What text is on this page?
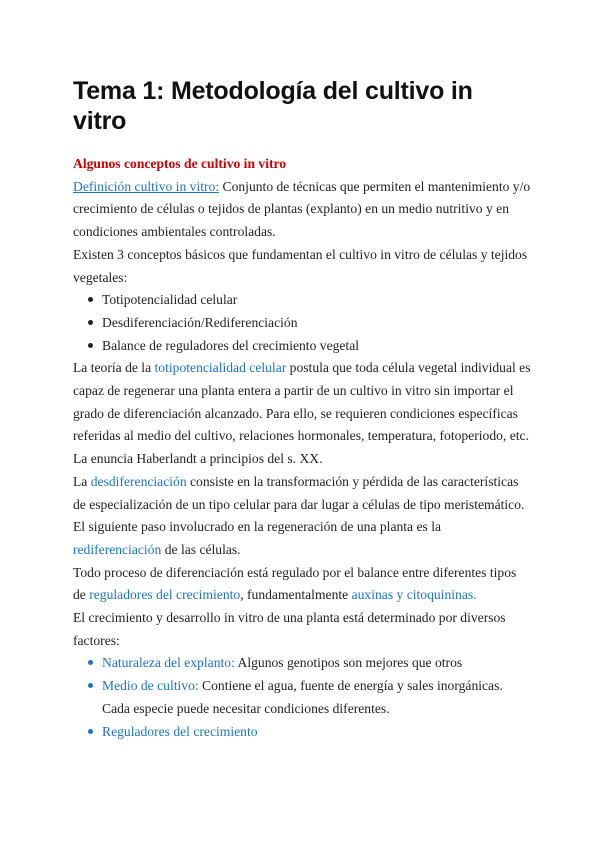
Tema 1: Metodología del cultivo in vitro

Algunos conceptos de cultivo in vitro

Definición cultivo in vitro: Conjunto de técnicas que permiten el mantenimiento y/o crecimiento de células o tejidos de plantas (explanto) en un medio nutritivo y en condiciones ambientales controladas.

Existen 3 conceptos básicos que fundamentan el cultivo in vitro de células y tejidos vegetales:

Totipotencialidad celular
Desdiferenciación/Rediferenciación
Balance de reguladores del crecimiento vegetal

La teoría de la totipotencialidad celular postula que toda célula vegetal individual es capaz de regenerar una planta entera a partir de un cultivo in vitro sin importar el grado de diferenciación alcanzado. Para ello, se requieren condiciones específicas referidas al medio del cultivo, relaciones hormonales, temperatura, fotoperiodo, etc. La enuncia Haberlandt a principios del s. XX.

La desdiferenciación consiste en la transformación y pérdida de las características de especialización de un tipo celular para dar lugar a células de tipo meristemático. El siguiente paso involucrado en la regeneración de una planta es la rediferenciación de las células.

Todo proceso de diferenciación está regulado por el balance entre diferentes tipos de reguladores del crecimiento, fundamentalmente auxinas y citoquininas.

El crecimiento y desarrollo in vitro de una planta está determinado por diversos factores:

Naturaleza del explanto: Algunos genotipos son mejores que otros
Medio de cultivo: Contiene el agua, fuente de energía y sales inorgánicas. Cada especie puede necesitar condiciones diferentes.
Reguladores del crecimiento
